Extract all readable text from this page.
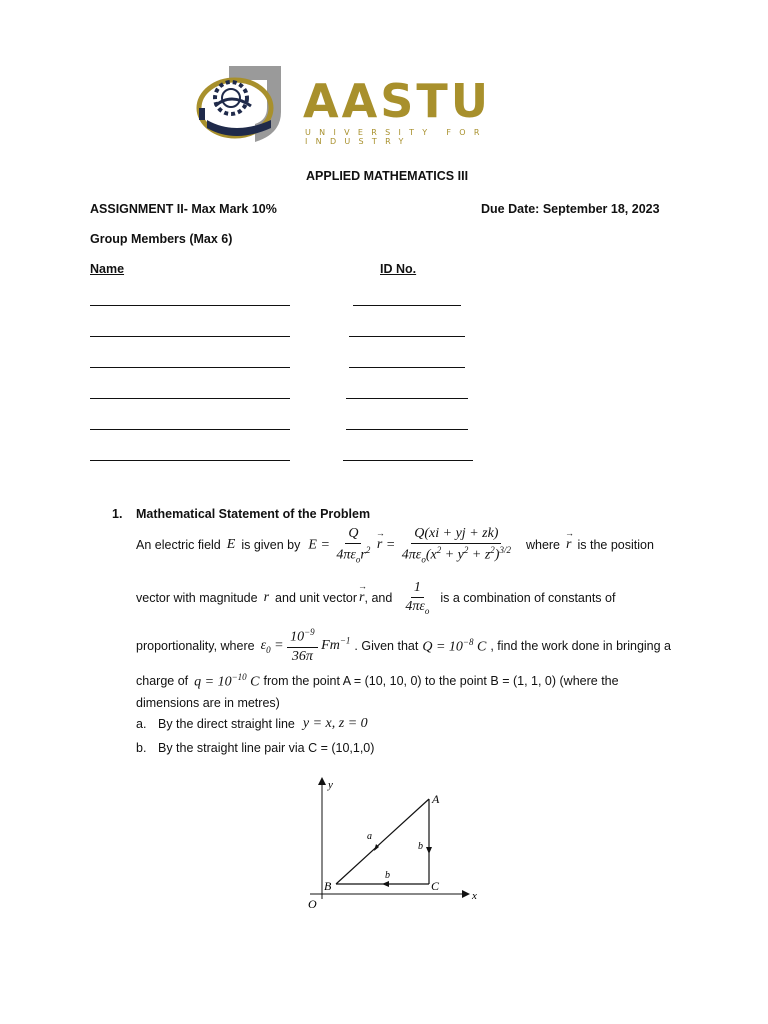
AASTU
UNIVERSITY FOR INDUSTRY
APPLIED MATHEMATICS III
ASSIGNMENT II- Max Mark 10%	Due Date: September 18, 2023
Group Members (Max 6)
Name	ID No.
1. Mathematical Statement of the Problem
An electric field E is given by $E = \frac{Q}{4\pi\varepsilon_or^2}$
→ $r = \frac{Q(xi + yj + zk)}{4\pi\varepsilon_o(x^2 + y^2 + z^2)^{3/2}}$ where
→ r is the position
vector with magnitude r and unit vector
→ r , and $\frac{1}{4\pi\varepsilon_o}$ is a combination of constants of
proportionality, where $\varepsilon_0 = \frac{10^{-9}}{36\pi} Fm^{-1}$ . Given that $Q = 10^{-8}$ C , find the work done in bringing a
charge of $q = 10^{-10}$ C from the point A = (10, 10, 0) to the point B = (1, 1, 0) (where the
dimensions are in metres)
a. By the direct straight line y = x, z = 0
b. By the straight line pair via C = (10,1,0)
y
x
O
A
B	C
a
b
b
